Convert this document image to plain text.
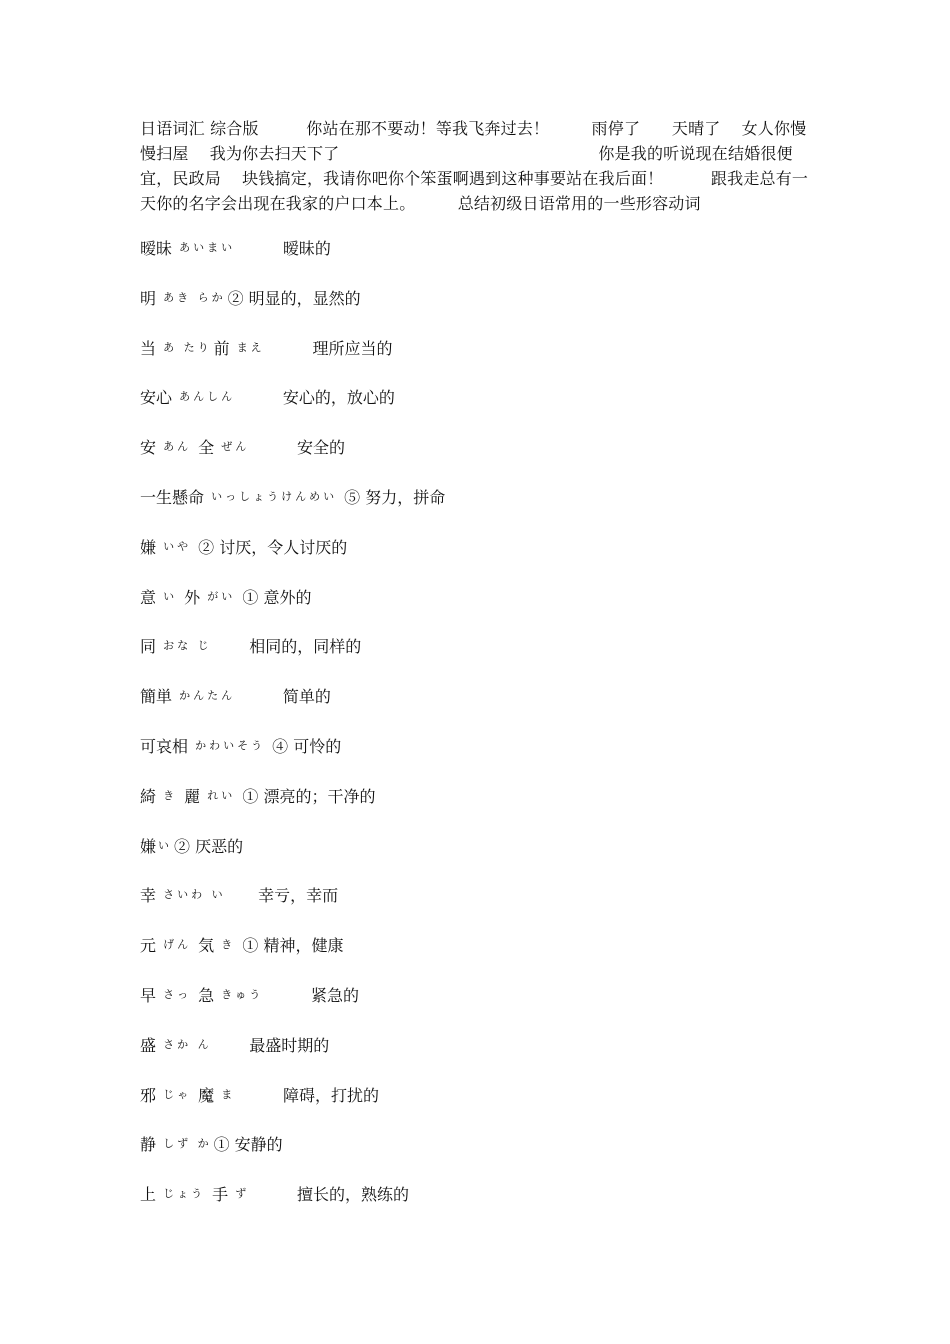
日语词汇 综合版         你站在那不要动！等我飞奔过去！        雨停了      天晴了    女人你慢慢扫屋    我为你去扫天下了                                                 你是我的听说现在结婚很便宜，民政局    块钱搞定，我请你吧你个笨蛋啊遇到这种事要站在我后面！         跟我走总有一天你的名字会出现在我家的户口本上。        总结初级日语常用的一些形容动词

暧昧 あいまい 暧昧的
明 あき らか ② 明显的，显然的
当 あ たり 前 まえ 理所应当的
安心 あんしん 安心的，放心的
安 あん 全 ぜん 安全的
一生懸命 いっしょうけんめい ⑤ 努力，拼命
嫌 いや ② 讨厌，令人讨厌的
意 い 外 がい ① 意外的
同 おな じ 相同的，同样的
簡単 かんたん 简单的
可哀相 かわいそう ④ 可怜的
綺 き 麗 れい ① 漂亮的；干净的
嫌 い ② 厌恶的
幸 さいわ い 幸亏，幸而
元 げん 気 き ① 精神，健康
早 さっ 急 きゅう 紧急的
盛 さか ん 最盛时期的
邪 じゃ 魔 ま 障碍，打扰的
静 しず か ① 安静的
上 じょう 手 ず 擅长的，熟练的
